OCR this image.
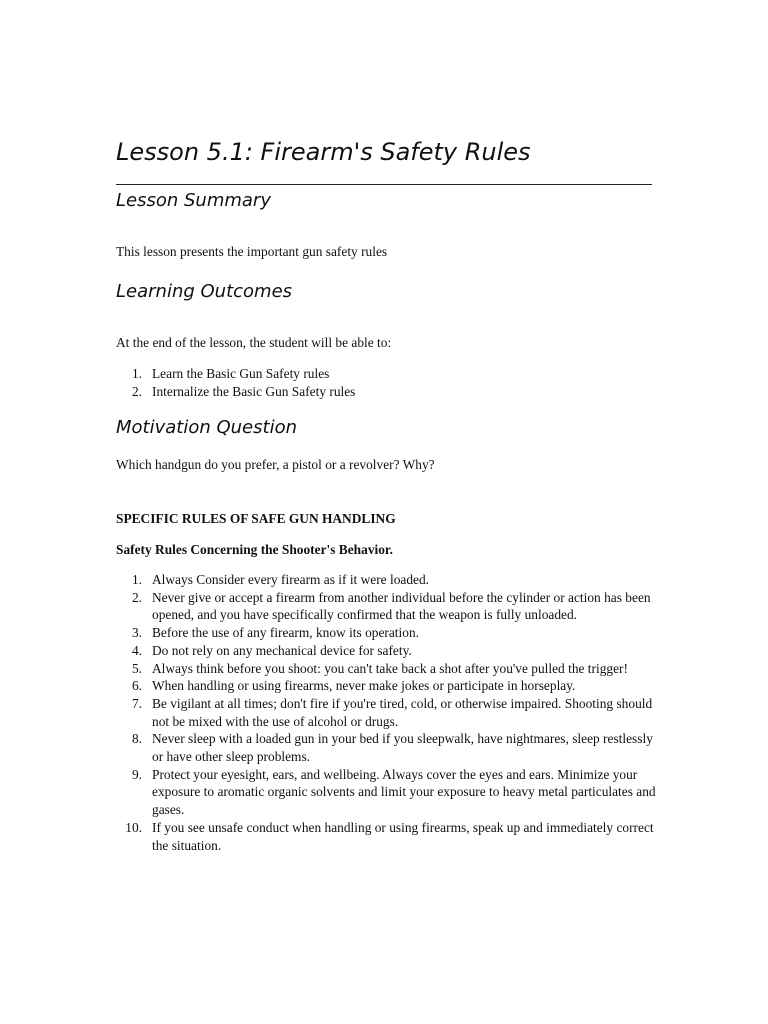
Lesson 5.1: Firearm's Safety Rules
Lesson Summary

This lesson presents the important gun safety rules

Learning Outcomes

At the end of the lesson, the student will be able to:

1. Learn the Basic Gun Safety rules
2. Internalize the Basic Gun Safety rules
Motivation Question

Which handgun do you prefer, a pistol or a revolver? Why?

SPECIFIC RULES OF SAFE GUN HANDLING

Safety Rules Concerning the Shooter's Behavior.

1. Always Consider every firearm as if it were loaded.
2. Never give or accept a firearm from another individual before the cylinder or action has been opened, and you have specifically confirmed that the weapon is fully unloaded.
3. Before the use of any firearm, know its operation.
4. Do not rely on any mechanical device for safety.
5. Always think before you shoot: you can't take back a shot after you've pulled the trigger!
6. When handling or using firearms, never make jokes or participate in horseplay.
7. Be vigilant at all times; don't fire if you're tired, cold, or otherwise impaired. Shooting should not be mixed with the use of alcohol or drugs.
8. Never sleep with a loaded gun in your bed if you sleepwalk, have nightmares, sleep restlessly or have other sleep problems.
9. Protect your eyesight, ears, and wellbeing. Always cover the eyes and ears. Minimize your exposure to aromatic organic solvents and limit your exposure to heavy metal particulates and gases.
10. If you see unsafe conduct when handling or using firearms, speak up and immediately correct the situation.
